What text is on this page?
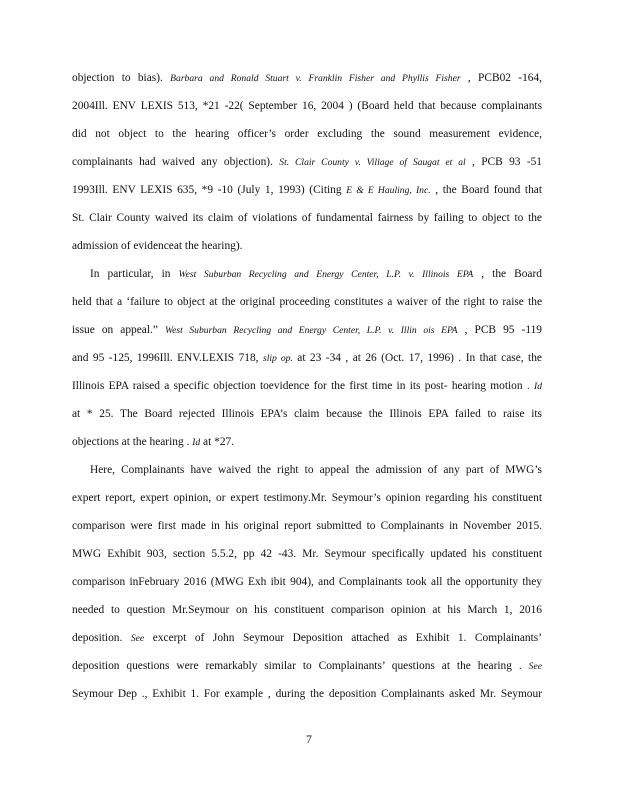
objection to bias). Barbara and Ronald Stuart v. Franklin Fisher and Phyllis Fisher , PCB02 -164,
2004Ill. ENV LEXIS 513, *21 -22( September 16, 2004 ) (Board held that because complainants
did not object to the hearing officer’s order excluding the sound measurement evidence,
complainants had waived any objection). St. Clair County v. Village of Saugat et al , PCB 93 -51
1993Ill. ENV LEXIS 635, *9 -10 (July 1, 1993) (Citing E & E Hauling, Inc. , the Board found that
St. Clair County waived its claim of violations of fundamental fairness by failing to object to the
admission of evidenceat the hearing).
In particular, in West Suburban Recycling and Energy Center, L.P. v. Illinois EPA , the Board
held that a ‘failure to object at the original proceeding constitutes a waiver of the right to raise the
issue on appeal.” West Suburban Recycling and Energy Center, L.P. v. Illin ois EPA , PCB 95 -119
and 95 -125, 1996Ill. ENV.LEXIS 718, slip op. at 23 -34 , at 26 (Oct. 17, 1996) . In that case, the
Illinois EPA raised a specific objection toevidence for the first time in its post- hearing motion . Id
at * 25. The Board rejected Illinois EPA’s claim because the Illinois EPA failed to raise its
objections at the hearing . Id at *27.
Here, Complainants have waived the right to appeal the admission of any part of MWG’s
expert report, expert opinion, or expert testimony.Mr. Seymour’s opinion regarding his constituent
comparison were first made in his original report submitted to Complainants in November 2015.
MWG Exhibit 903, section 5.5.2, pp 42 -43. Mr. Seymour specifically updated his constituent
comparison inFebruary 2016 (MWG Exh ibit 904), and Complainants took all the opportunity they
needed to question Mr.Seymour on his constituent comparison opinion at his March 1, 2016
deposition. See excerpt of John Seymour Deposition attached as Exhibit 1. Complainants’
deposition questions were remarkably similar to Complainants’ questions at the hearing . See
Seymour Dep ., Exhibit 1. For example , during the deposition Complainants asked Mr. Seymour
7
